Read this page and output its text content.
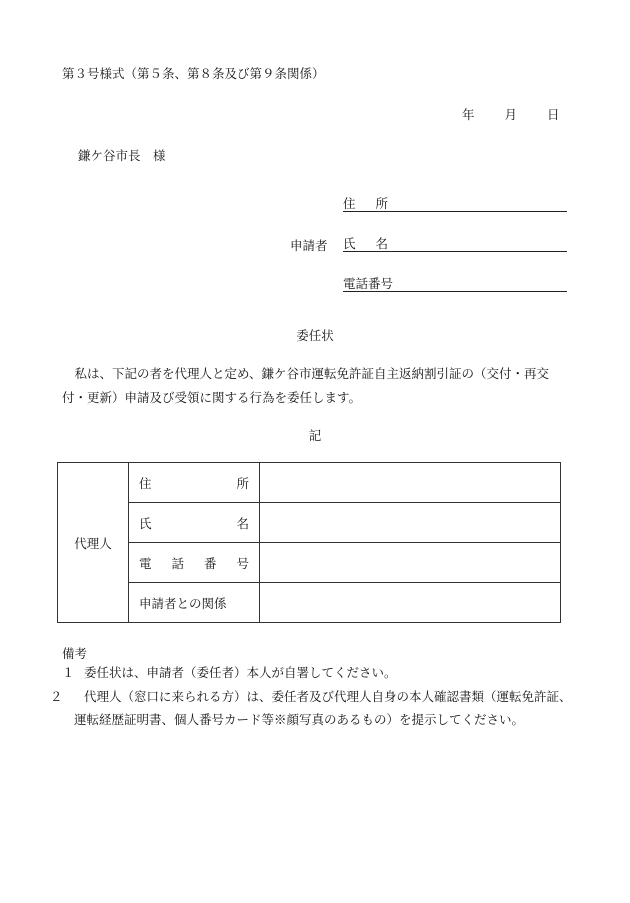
第３号様式（第５条、第８条及び第９条関係）
年 月 日
鎌ケ谷市長　様
住所
申請者 氏名
電話番号
委任状
私は、下記の者を代理人と定め、鎌ケ谷市運転免許証自主返納割引証の（交付・再交付・更新）申請及び受領に関する行為を委任します。
記
代理人	住 所	

	氏 名	

	電 話 番 号	

	申請者との関係	

備考
１ 委任状は、申請者（委任者）本人が自署してください。
２ 代理人（窓口に来られる方）は、委任者及び代理人自身の本人確認書類（運転免許証、運転経歴証明書、個人番号カード等※顔写真のあるもの）を提示してください。
